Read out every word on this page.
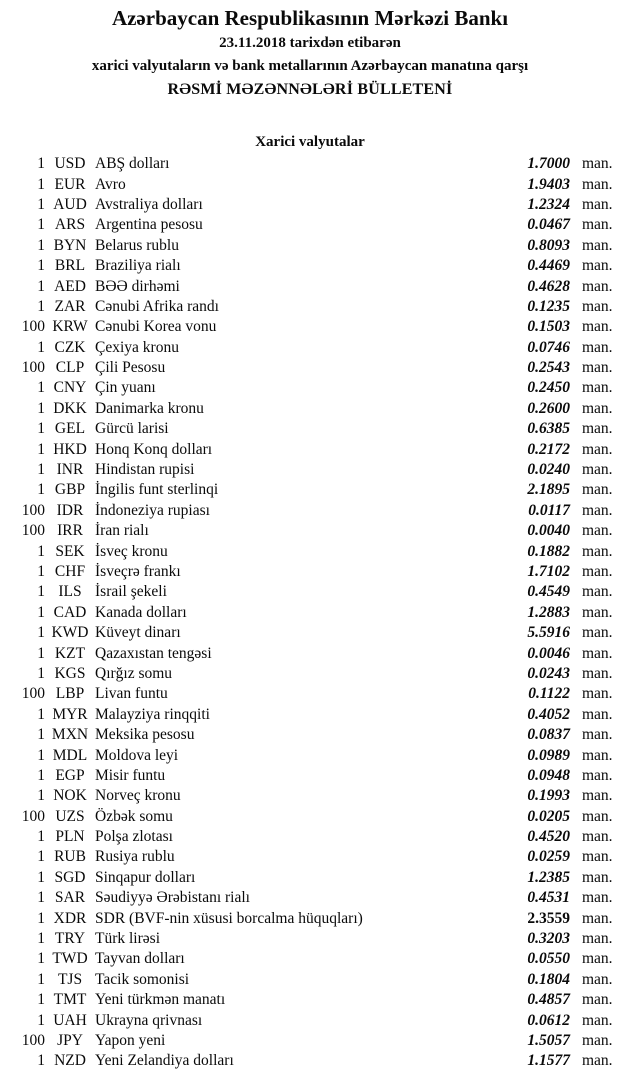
Azərbaycan Respublikasının Mərkəzi Bankı
23.11.2018 tarixdən etibarən
xarici valyutaların və bank metallarının Azərbaycan manatına qarşı
RƏSMİ MƏZƏNNƏLƏRİ BÜLLETENİ
Xarici valyutalar
1 USD ABŞ dolları	1.7000 man.
1 EUR Avro	1.9403 man.
1 AUD Avstraliya dolları	1.2324 man.
1 ARS Argentina pesosu	0.0467 man.
1 BYN Belarus rublu	0.8093 man.
1 BRL Braziliya rialı	0.4469 man.
1 AED BƏƏ dirhəmi	0.4628 man.
1 ZAR Cənubi Afrika randı	0.1235 man.
100 KRW Cənubi Korea vonu	0.1503 man.
1 CZK Çexiya kronu	0.0746 man.
100 CLP Çili Pesosu	0.2543 man.
1 CNY Çin yuanı	0.2450 man.
1 DKK Danimarka kronu	0.2600 man.
1 GEL Gürcü larisi	0.6385 man.
1 HKD Honq Konq dolları	0.2172 man.
1 INR Hindistan rupisi	0.0240 man.
1 GBP İngilis funt sterlinqi	2.1895 man.
100 IDR İndoneziya rupiası	0.0117 man.
100 IRR İran rialı	0.0040 man.
1 SEK İsveç kronu	0.1882 man.
1 CHF İsveçrə frankı	1.7102 man.
1 ILS İsrail şekeli	0.4549 man.
1 CAD Kanada dolları	1.2883 man.
1 KWD Küveyt dinarı	5.5916 man.
1 KZT Qazaxıstan tengəsi	0.0046 man.
1 KGS Qırğız somu	0.0243 man.
100 LBP Livan funtu	0.1122 man.
1 MYR Malayziya rinqqiti	0.4052 man.
1 MXN Meksika pesosu	0.0837 man.
1 MDL Moldova leyi	0.0989 man.
1 EGP Misir funtu	0.0948 man.
1 NOK Norveç kronu	0.1993 man.
100 UZS Özbək somu	0.0205 man.
1 PLN Polşa zlotası	0.4520 man.
1 RUB Rusiya rublu	0.0259 man.
1 SGD Sinqapur dolları	1.2385 man.
1 SAR Səudiyyə Ərəbistanı rialı	0.4531 man.
1 XDR SDR (BVF-nin xüsusi borcalma hüquqları)	2.3559 man.
1 TRY Türk lirəsi	0.3203 man.
1 TWD Tayvan dolları	0.0550 man.
1 TJS Tacik somonisi	0.1804 man.
1 TMT Yeni türkmən manatı	0.4857 man.
1 UAH Ukrayna qrivnası	0.0612 man.
100 JPY Yapon yeni	1.5057 man.
1 NZD Yeni Zelandiya dolları	1.1577 man.
